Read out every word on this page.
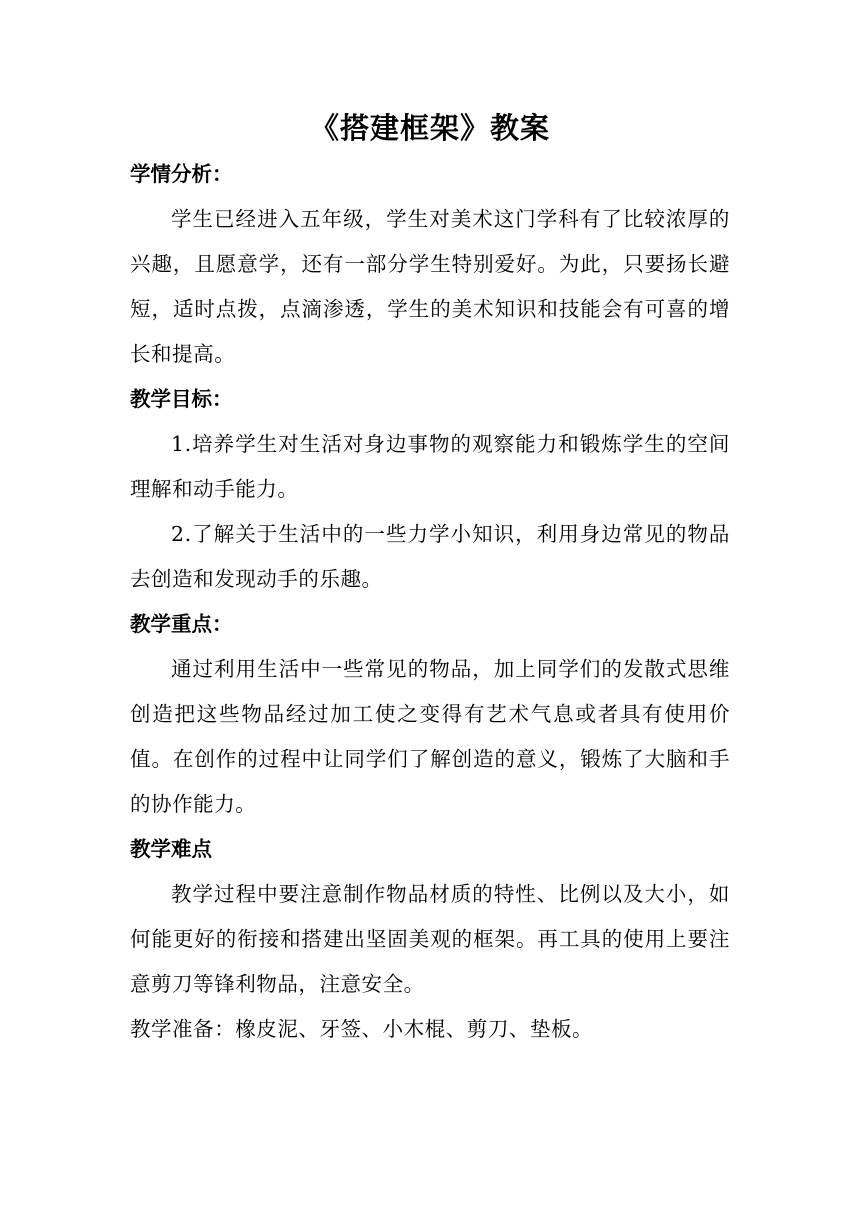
《搭建框架》教案

学情分析：

学生已经进入五年级，学生对美术这门学科有了比较浓厚的兴趣，且愿意学，还有一部分学生特别爱好。为此，只要扬长避短，适时点拨，点滴渗透，学生的美术知识和技能会有可喜的增长和提高。

教学目标：

1.培养学生对生活对身边事物的观察能力和锻炼学生的空间理解和动手能力。

2.了解关于生活中的一些力学小知识，利用身边常见的物品去创造和发现动手的乐趣。

教学重点：

通过利用生活中一些常见的物品，加上同学们的发散式思维创造把这些物品经过加工使之变得有艺术气息或者具有使用价值。在创作的过程中让同学们了解创造的意义，锻炼了大脑和手的协作能力。

教学难点

教学过程中要注意制作物品材质的特性、比例以及大小，如何能更好的衔接和搭建出坚固美观的框架。再工具的使用上要注意剪刀等锋利物品，注意安全。

教学准备：橡皮泥、牙签、小木棍、剪刀、垫板。
